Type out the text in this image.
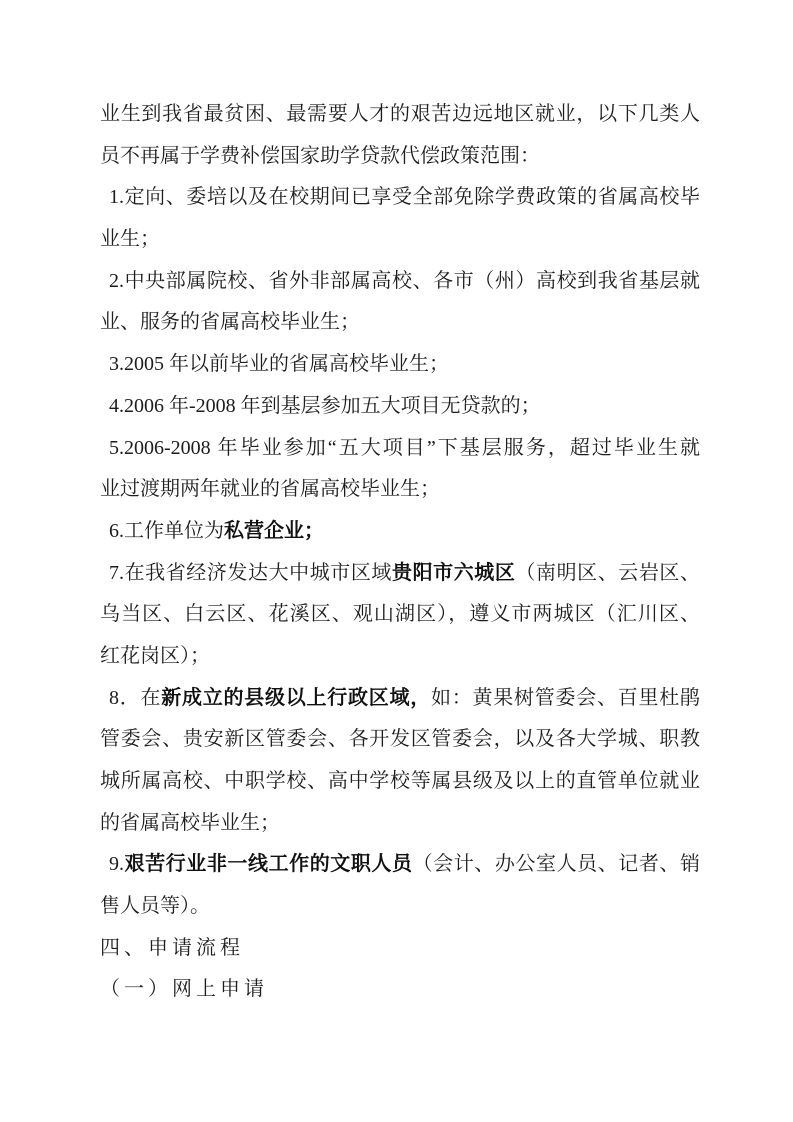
业生到我省最贫困、最需要人才的艰苦边远地区就业，以下几类人
员不再属于学费补偿国家助学贷款代偿政策范围：
1.定向、委培以及在校期间已享受全部免除学费政策的省属高校毕
业生；
2.中央部属院校、省外非部属高校、各市（州）高校到我省基层就
业、服务的省属高校毕业生；
3.2005 年以前毕业的省属高校毕业生；
4.2006 年-2008 年到基层参加五大项目无贷款的；
5.2006-2008 年毕业参加“五大项目”下基层服务，超过毕业生就
业过渡期两年就业的省属高校毕业生；
6.工作单位为私营企业；
7.在我省经济发达大中城市区域贵阳市六城区（南明区、云岩区、
乌当区、白云区、花溪区、观山湖区），遵义市两城区（汇川区、
红花岗区）；
8．在新成立的县级以上行政区域，如：黄果树管委会、百里杜鹃
管委会、贵安新区管委会、各开发区管委会，以及各大学城、职教
城所属高校、中职学校、高中学校等属县级及以上的直管单位就业
的省属高校毕业生；
9.艰苦行业非一线工作的文职人员（会计、办公室人员、记者、销
售人员等）。
四、申请流程
（一）网上申请
